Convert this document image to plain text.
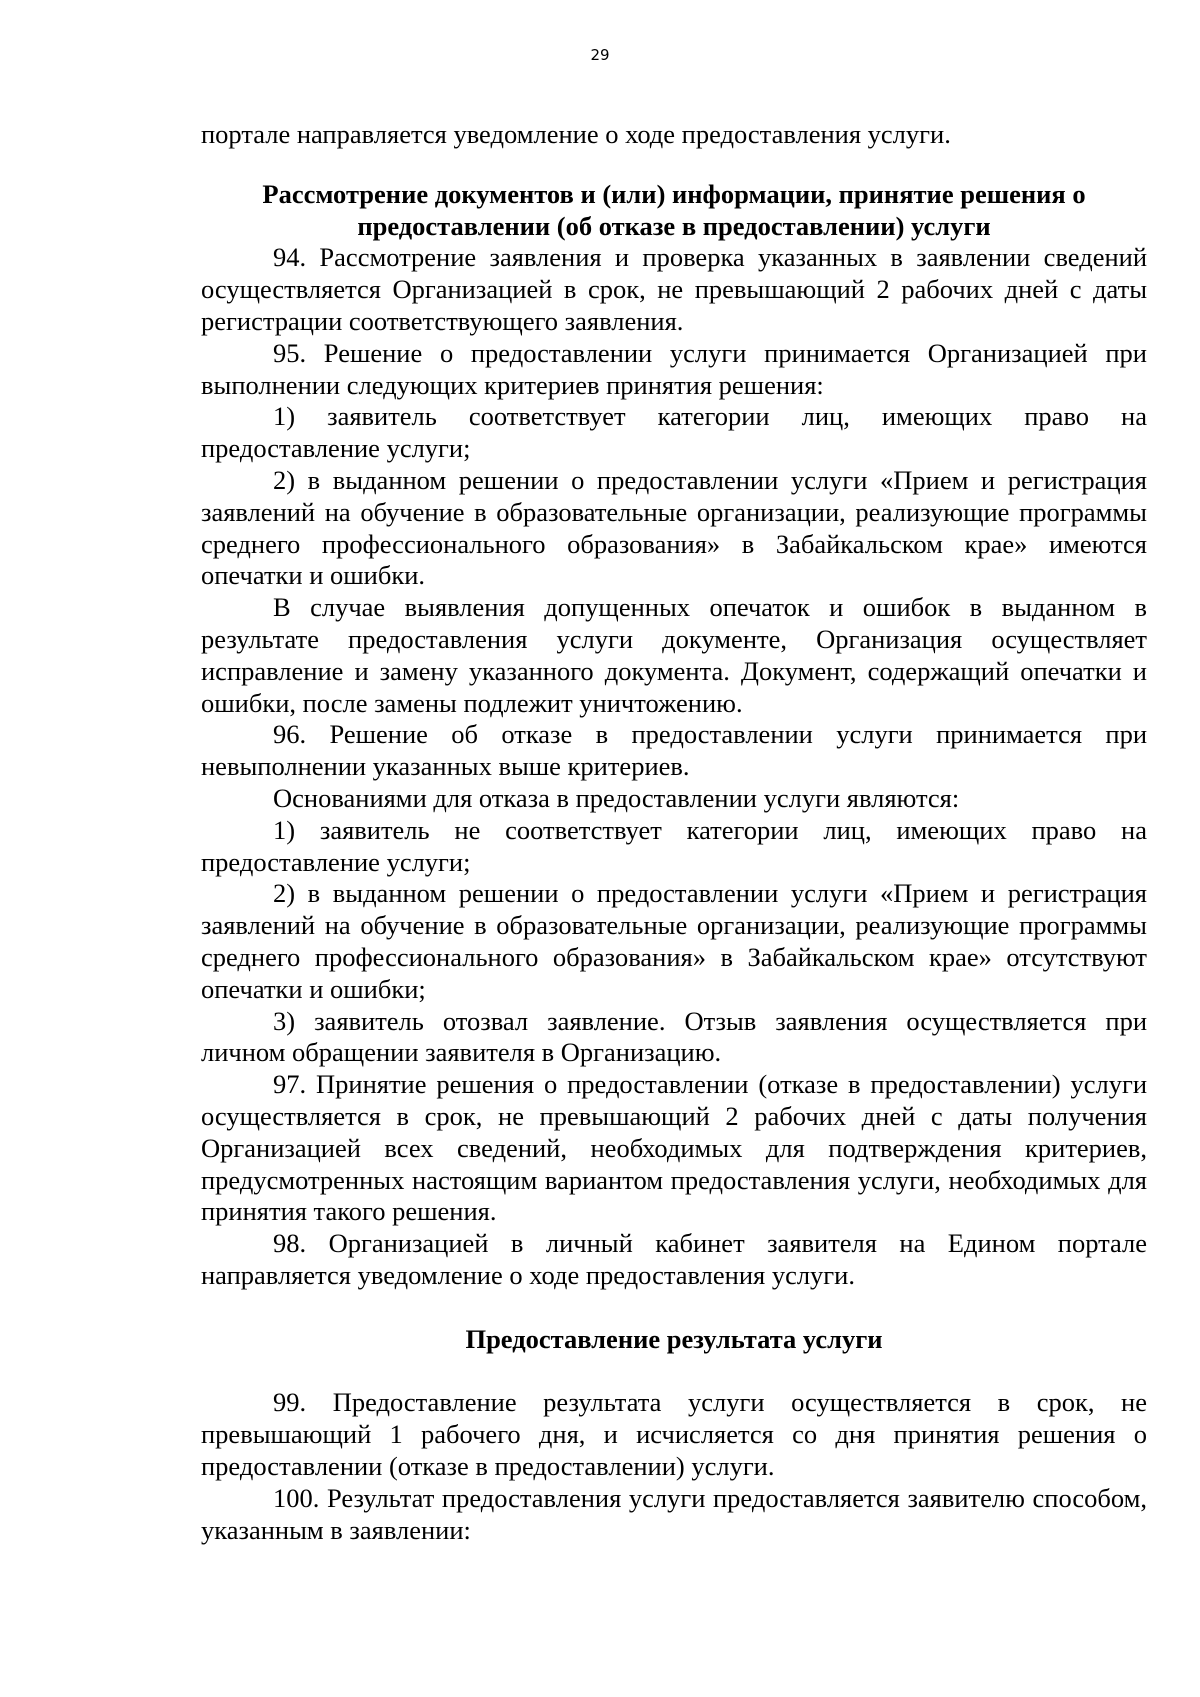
29

портале направляется уведомление о ходе предоставления услуги.

Рассмотрение документов и (или) информации, принятие решения о

предоставлении (об отказе в предоставлении) услуги

94. Рассмотрение заявления и проверка указанных в заявлении сведений осуществляется Организацией в срок, не превышающий 2 рабочих дней с даты регистрации соответствующего заявления.

95. Решение о предоставлении услуги принимается Организацией при выполнении следующих критериев принятия решения:

1) заявитель соответствует категории лиц, имеющих право на предоставление услуги;

2) в выданном решении о предоставлении услуги «Прием и регистрация заявлений на обучение в образовательные организации, реализующие программы среднего профессионального образования» в Забайкальском крае» имеются опечатки и ошибки.

В случае выявления допущенных опечаток и ошибок в выданном в результате предоставления услуги документе, Организация осуществляет исправление и замену указанного документа. Документ, содержащий опечатки и ошибки, после замены подлежит уничтожению.

96. Решение об отказе в предоставлении услуги принимается при невыполнении указанных выше критериев.

Основаниями для отказа в предоставлении услуги являются:

1) заявитель не соответствует категории лиц, имеющих право на предоставление услуги;

2) в выданном решении о предоставлении услуги «Прием и регистрация заявлений на обучение в образовательные организации, реализующие программы среднего профессионального образования» в Забайкальском крае» отсутствуют опечатки и ошибки;

3) заявитель отозвал заявление. Отзыв заявления осуществляется при личном обращении заявителя в Организацию.

97. Принятие решения о предоставлении (отказе в предоставлении) услуги осуществляется в срок, не превышающий 2 рабочих дней с даты получения Организацией всех сведений, необходимых для подтверждения критериев, предусмотренных настоящим вариантом предоставления услуги, необходимых для принятия такого решения.

98. Организацией в личный кабинет заявителя на Едином портале направляется уведомление о ходе предоставления услуги.

Предоставление результата услуги

99. Предоставление результата услуги осуществляется в срок, не превышающий 1 рабочего дня, и исчисляется со дня принятия решения о предоставлении (отказе в предоставлении) услуги.

100. Результат предоставления услуги предоставляется заявителю способом, указанным в заявлении:
